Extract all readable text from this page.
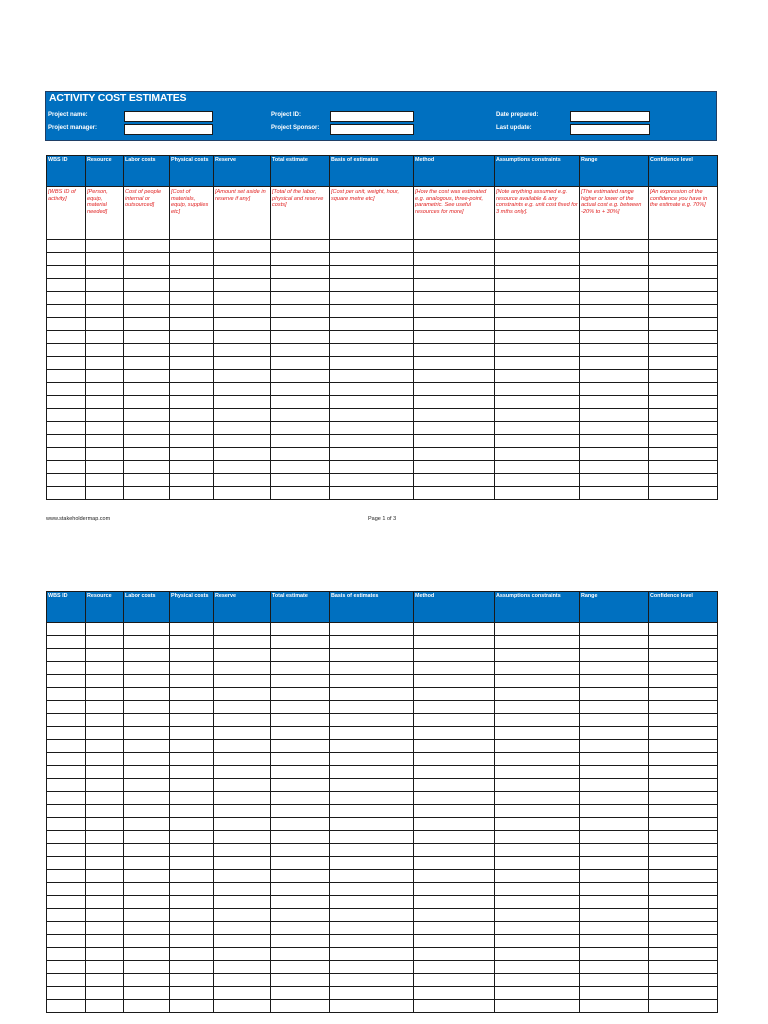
ACTIVITY COST ESTIMATES
Project name:
Project manager:
Project ID:
Project Sponsor:
Date prepared:
Last update:
WBS ID	Resource	Labor costs	Physical costs	Reserve	Total estimate	Basis of estimates	Method	Assumptions constraints	Range	Confidence level
[WBS ID of activity]	[Person, equip, material needed]	Cost of people internal or outsourced]	[Cost of materials, equip, supplies etc]	[Amount set aside in reserve if any]	[Total of the labor, physical and reserve costs]	[Cost per unit, weight, hour, square metre etc]	[How the cost was estimated e.g. analogous, three-point, parametric. See useful resources for more]	[Note anything assumed e.g. resource available & any constraints e.g. unit cost fixed for 3 mths only].	[The estimated range higher or lower of the actual cost e.g. between -20% to + 30%]	[An expression of the confidence you have in the estimate e.g. 70%]

www.stakeholdermap.com	Page 1 of 3
WBS ID	Resource	Labor costs	Physical costs	Reserve	Total estimate	Basis of estimates	Method	Assumptions constraints	Range	Confidence level
